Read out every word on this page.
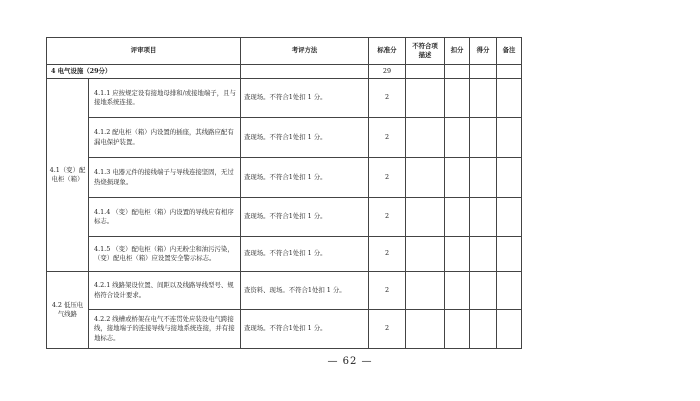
评审项目		考评方法	标准分	不符合项描述	扣分	得分	备注
4 电气设施（29分）			29				
4.1（变）配电柜（箱）	4.1.1 应按规定设有接地母排和/或接地端子，且与接地系统连接。	查现场。不符合1处扣 1 分。	2				
	4.1.2 配电柜（箱）内设置的插座，其线路应配有漏电保护装置。	查现场。不符合1处扣 1 分。	2				
	4.1.3 电器元件的接线端子与导线连接坚固，无过热烧损现象。	查现场。不符合1处扣 1 分。	2				
	4.1.4 （变）配电柜（箱）内设置的导线应有相序标志。	查现场。不符合1处扣 1 分。	2				
	4.1.5 （变）配电柜（箱）内无粉尘和油污污染，（变）配电柜（箱）应设置安全警示标志。	查现场。不符合1处扣 1 分。	2				
4.2 低压电气线路	4.2.1 线路架设位置、间距以及线路导线型号、规格符合设计要求。	查资料、现场。不符合1处扣 1 分。	2				
	4.2.2 线槽或桥架在电气不连贯处应装设电气跨接线，接地端子的连接导线与接地系统连接，并有接地标志。	查现场。不符合1处扣 1 分。	2				
— 62 —
